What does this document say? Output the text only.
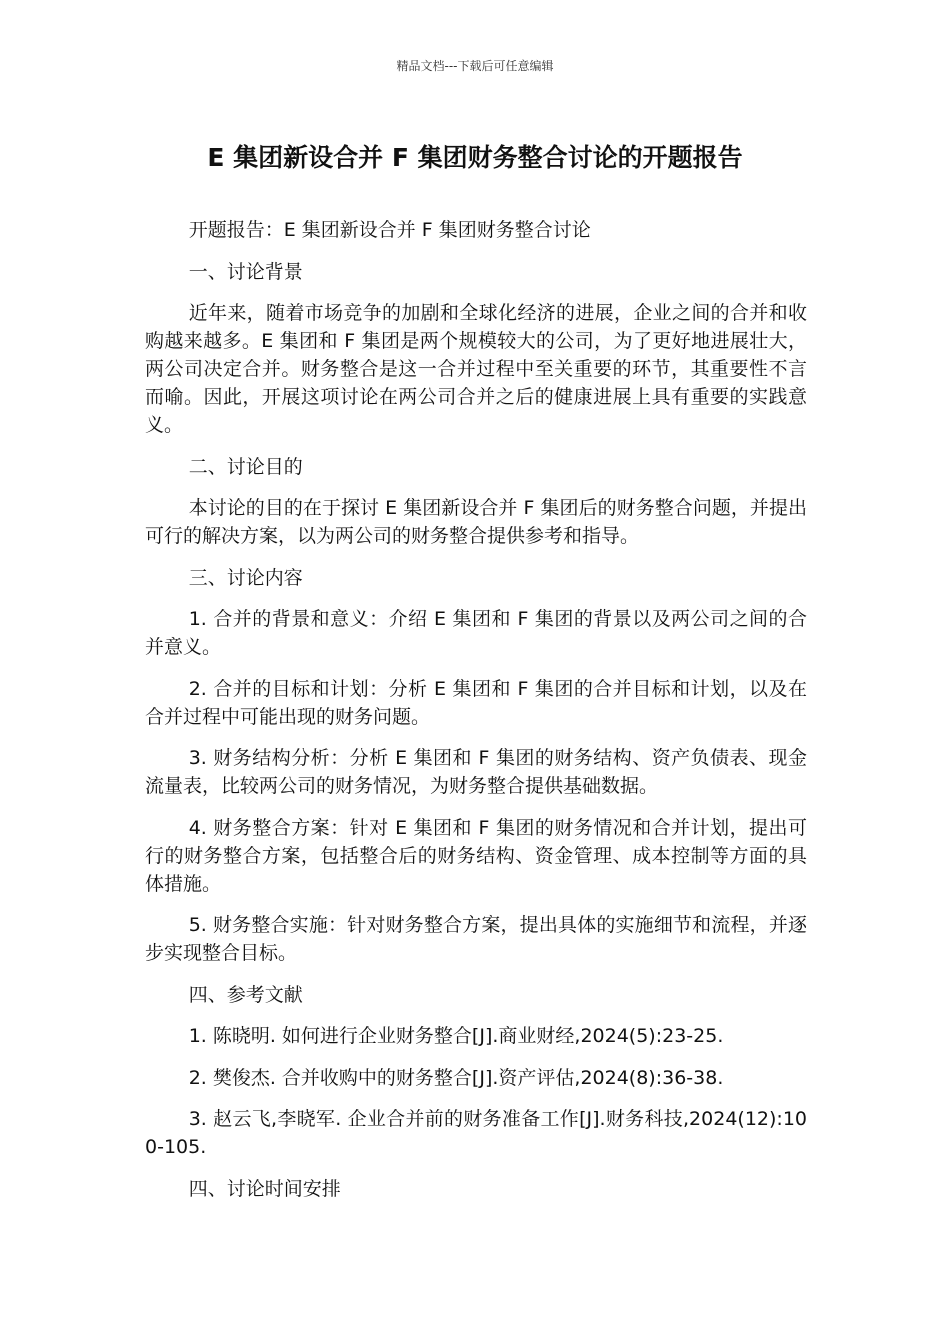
精品文档---下载后可任意编辑
E 集团新设合并 F 集团财务整合讨论的开题报告

开题报告：E 集团新设合并 F 集团财务整合讨论

一、讨论背景

近年来，随着市场竞争的加剧和全球化经济的进展，企业之间的合并和收购越来越多。E 集团和 F 集团是两个规模较大的公司，为了更好地进展壮大，两公司决定合并。财务整合是这一合并过程中至关重要的环节，其重要性不言而喻。因此，开展这项讨论在两公司合并之后的健康进展上具有重要的实践意义。

二、讨论目的

本讨论的目的在于探讨 E 集团新设合并 F 集团后的财务整合问题，并提出可行的解决方案，以为两公司的财务整合提供参考和指导。

三、讨论内容

1. 合并的背景和意义：介绍 E 集团和 F 集团的背景以及两公司之间的合并意义。

2. 合并的目标和计划：分析 E 集团和 F 集团的合并目标和计划，以及在合并过程中可能出现的财务问题。

3. 财务结构分析：分析 E 集团和 F 集团的财务结构、资产负债表、现金流量表，比较两公司的财务情况，为财务整合提供基础数据。

4. 财务整合方案：针对 E 集团和 F 集团的财务情况和合并计划，提出可行的财务整合方案，包括整合后的财务结构、资金管理、成本控制等方面的具体措施。

5. 财务整合实施：针对财务整合方案，提出具体的实施细节和流程，并逐步实现整合目标。

四、参考文献

1. 陈晓明. 如何进行企业财务整合[J].商业财经,2024(5):23-25.

2. 樊俊杰. 合并收购中的财务整合[J].资产评估,2024(8):36-38.

3. 赵云飞,李晓军. 企业合并前的财务准备工作[J].财务科技,2024(12):100-105.

四、讨论时间安排
